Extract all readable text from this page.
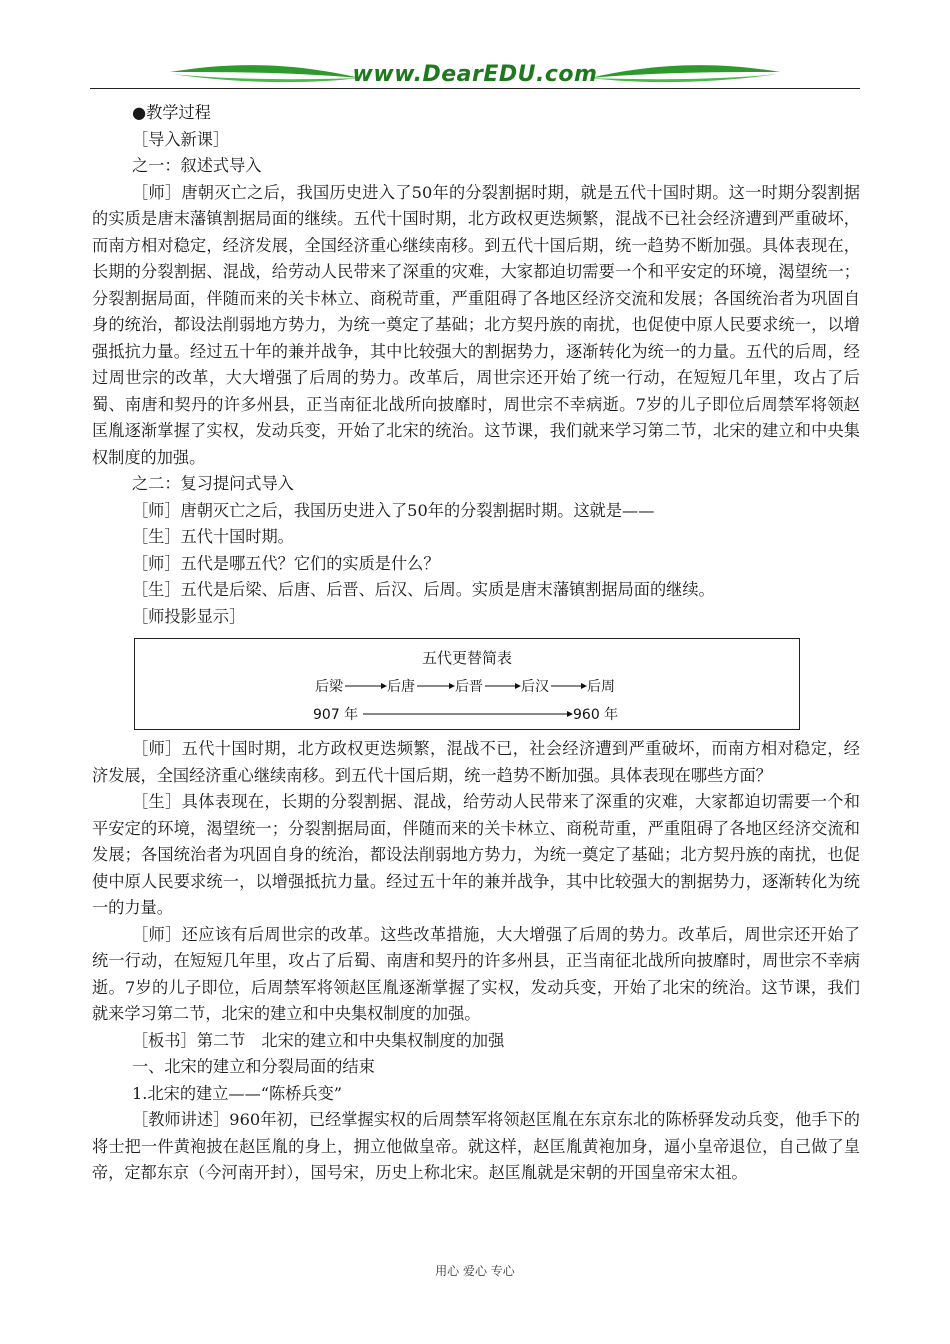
www.DearEDU.com

●教学过程

［导入新课］

之一：叙述式导入

［师］唐朝灭亡之后，我国历史进入了50年的分裂割据时期，就是五代十国时期。这一时期分裂割据的实质是唐末藩镇割据局面的继续。五代十国时期，北方政权更迭频繁，混战不已社会经济遭到严重破坏，而南方相对稳定，经济发展，全国经济重心继续南移。到五代十国后期，统一趋势不断加强。具体表现在，长期的分裂割据、混战，给劳动人民带来了深重的灾难，大家都迫切需要一个和平安定的环境，渴望统一；分裂割据局面，伴随而来的关卡林立、商税苛重，严重阻碍了各地区经济交流和发展；各国统治者为巩固自身的统治，都设法削弱地方势力，为统一奠定了基础；北方契丹族的南扰，也促使中原人民要求统一，以增强抵抗力量。经过五十年的兼并战争，其中比较强大的割据势力，逐渐转化为统一的力量。五代的后周，经过周世宗的改革，大大增强了后周的势力。改革后，周世宗还开始了统一行动，在短短几年里，攻占了后蜀、南唐和契丹的许多州县，正当南征北战所向披靡时，周世宗不幸病逝。7岁的儿子即位后周禁军将领赵匡胤逐渐掌握了实权，发动兵变，开始了北宋的统治。这节课，我们就来学习第二节，北宋的建立和中央集权制度的加强。

之二：复习提问式导入

［师］唐朝灭亡之后，我国历史进入了50年的分裂割据时期。这就是——

［生］五代十国时期。

［师］五代是哪五代？它们的实质是什么？

［生］五代是后梁、后唐、后晋、后汉、后周。实质是唐末藩镇割据局面的继续。

［师投影显示］

五代更替简表
后梁	后唐	后晋	后汉	后周
907 年	960 年

［师］五代十国时期，北方政权更迭频繁，混战不已，社会经济遭到严重破坏，而南方相对稳定，经济发展，全国经济重心继续南移。到五代十国后期，统一趋势不断加强。具体表现在哪些方面？

［生］具体表现在，长期的分裂割据、混战，给劳动人民带来了深重的灾难，大家都迫切需要一个和平安定的环境，渴望统一；分裂割据局面，伴随而来的关卡林立、商税苛重，严重阻碍了各地区经济交流和发展；各国统治者为巩固自身的统治，都设法削弱地方势力，为统一奠定了基础；北方契丹族的南扰，也促使中原人民要求统一，以增强抵抗力量。经过五十年的兼并战争，其中比较强大的割据势力，逐渐转化为统一的力量。

［师］还应该有后周世宗的改革。这些改革措施，大大增强了后周的势力。改革后，周世宗还开始了统一行动，在短短几年里，攻占了后蜀、南唐和契丹的许多州县，正当南征北战所向披靡时，周世宗不幸病逝。7岁的儿子即位，后周禁军将领赵匡胤逐渐掌握了实权，发动兵变，开始了北宋的统治。这节课，我们就来学习第二节，北宋的建立和中央集权制度的加强。

［板书］第二节　北宋的建立和中央集权制度的加强

一、北宋的建立和分裂局面的结束

1.北宋的建立——“陈桥兵变”

［教师讲述］960年初，已经掌握实权的后周禁军将领赵匡胤在东京东北的陈桥驿发动兵变，他手下的将士把一件黄袍披在赵匡胤的身上，拥立他做皇帝。就这样，赵匡胤黄袍加身，逼小皇帝退位，自己做了皇帝，定都东京（今河南开封），国号宋，历史上称北宋。赵匡胤就是宋朝的开国皇帝宋太祖。

用心 爱心 专心
